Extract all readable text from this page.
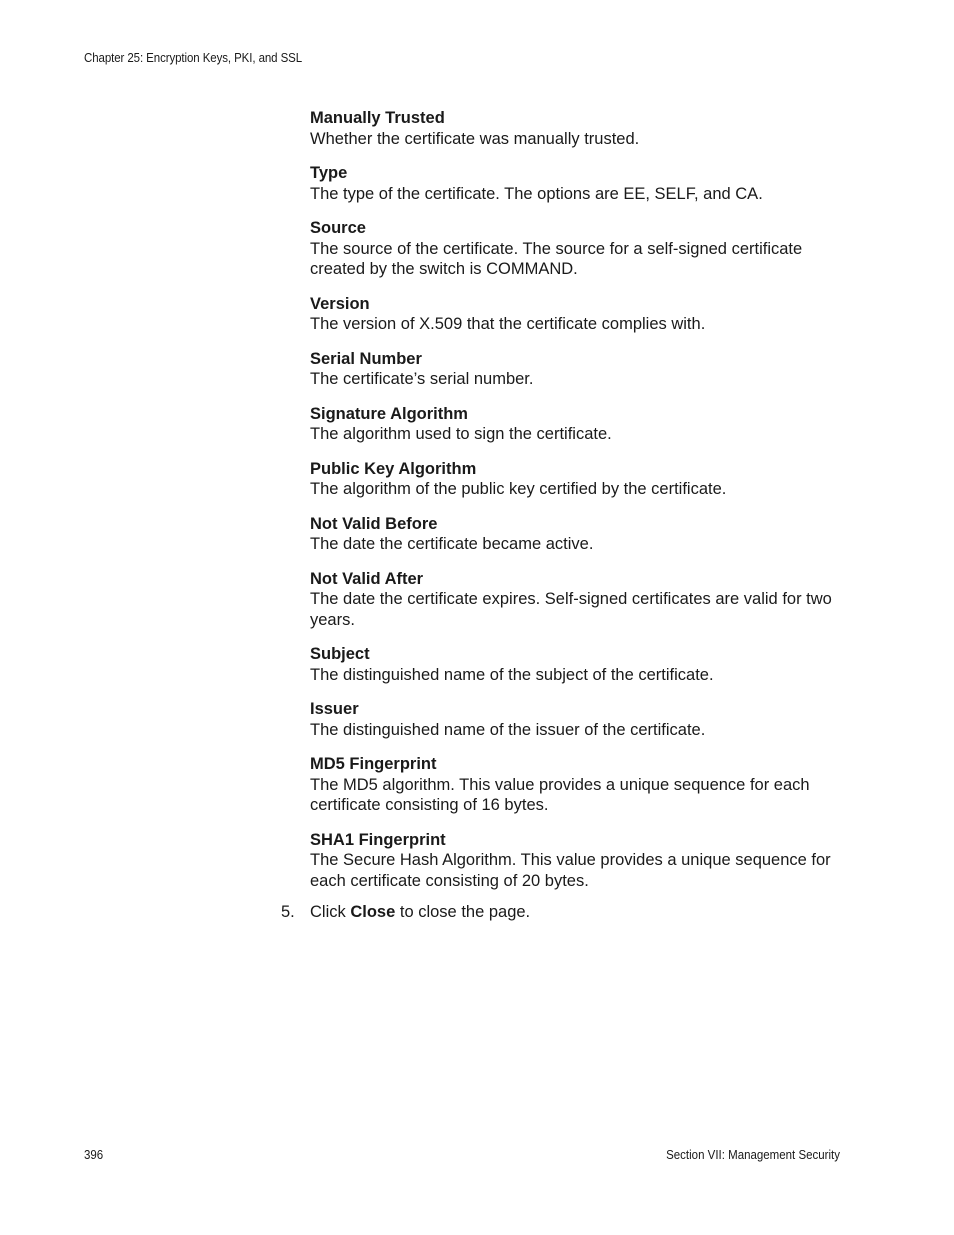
Chapter 25: Encryption Keys, PKI, and SSL
Manually Trusted
Whether the certificate was manually trusted.
Type
The type of the certificate. The options are EE, SELF, and CA.
Source
The source of the certificate. The source for a self-signed certificate created by the switch is COMMAND.
Version
The version of X.509 that the certificate complies with.
Serial Number
The certificate’s serial number.
Signature Algorithm
The algorithm used to sign the certificate.
Public Key Algorithm
The algorithm of the public key certified by the certificate.
Not Valid Before
The date the certificate became active.
Not Valid After
The date the certificate expires. Self-signed certificates are valid for two years.
Subject
The distinguished name of the subject of the certificate.
Issuer
The distinguished name of the issuer of the certificate.
MD5 Fingerprint
The MD5 algorithm. This value provides a unique sequence for each certificate consisting of 16 bytes.
SHA1 Fingerprint
The Secure Hash Algorithm. This value provides a unique sequence for each certificate consisting of 20 bytes.
5. Click Close to close the page.
396	Section VII: Management Security
